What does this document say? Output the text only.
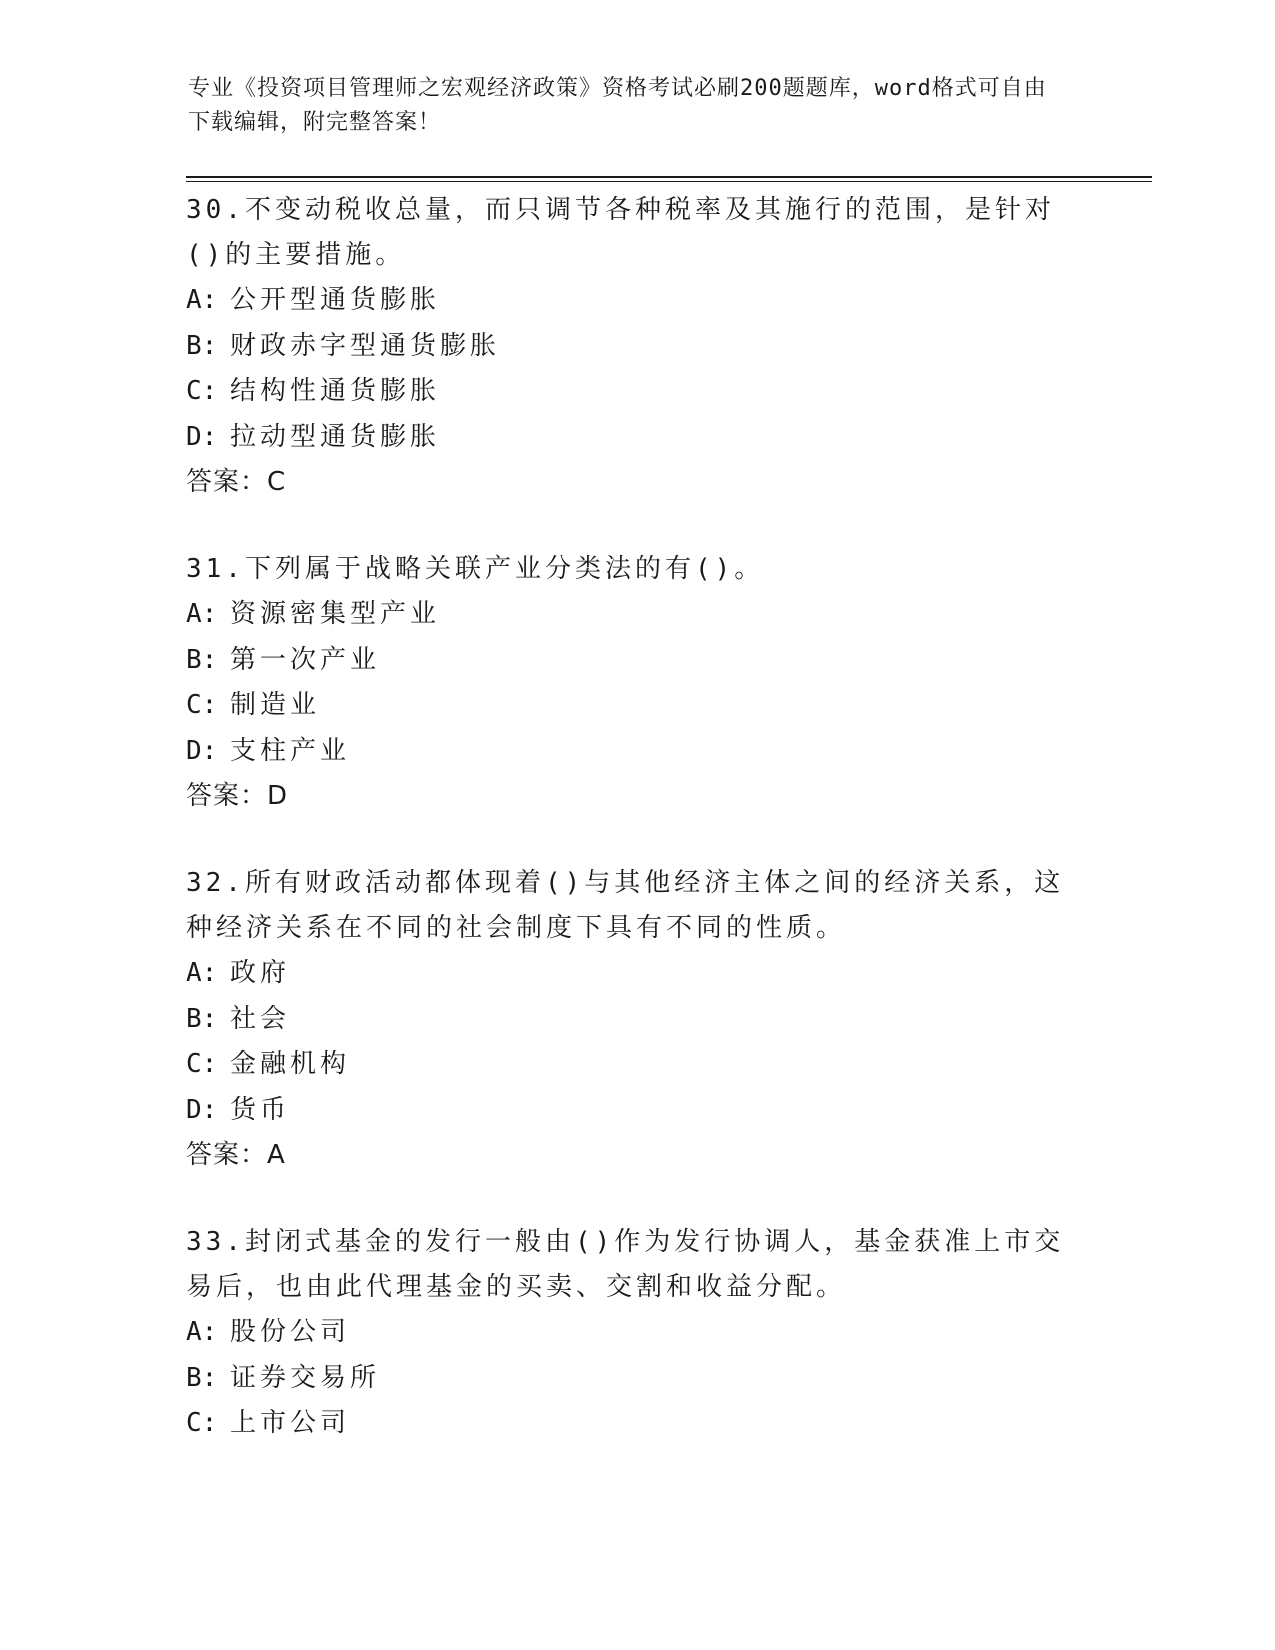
专业《投资项目管理师之宏观经济政策》资格考试必刷200题题库，word格式可自由下载编辑，附完整答案！

30.不变动税收总量，而只调节各种税率及其施行的范围，是针对()的主要措施。

A: 公开型通货膨胀

B: 财政赤字型通货膨胀

C: 结构性通货膨胀

D: 拉动型通货膨胀

答案：C

31.下列属于战略关联产业分类法的有()。

A: 资源密集型产业

B: 第一次产业

C: 制造业

D: 支柱产业

答案：D

32.所有财政活动都体现着()与其他经济主体之间的经济关系，这种经济关系在不同的社会制度下具有不同的性质。

A: 政府

B: 社会

C: 金融机构

D: 货币

答案：A

33.封闭式基金的发行一般由()作为发行协调人，基金获准上市交易后，也由此代理基金的买卖、交割和收益分配。

A: 股份公司

B: 证券交易所

C: 上市公司
